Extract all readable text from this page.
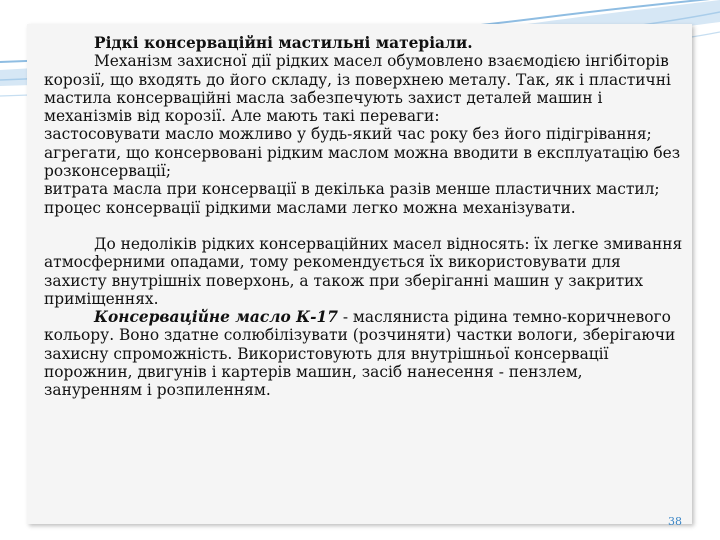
Рідкі консерваційні мастильні матеріали.

Механізм захисної дії рідких масел обумовлено взаємодією інгібіторів корозії, що входять до його складу, із поверхнею металу. Так, як і пластичні мастила консерваційні масла забезпечують захист деталей машин і механізмів від корозії. Але мають такі переваги:

застосовувати масло можливо у будь-який час року без його підігрівання;

агрегати, що консервовані рідким маслом можна вводити в експлуатацію без розконсервації;

витрата масла при консервації в декілька разів менше пластичних мастил;

процес консервації рідкими маслами легко можна механізувати.

До недоліків рідких консерваційних масел відносять: їх легке змивання атмосферними опадами, тому рекомендується їх використовувати для захисту внутрішніх поверхонь, а також при зберіганні машин у закритих приміщеннях.

Консерваційне масло К-17 - масляниста рідина темно-коричневого кольору. Воно здатне солюбілізувати (розчиняти) частки вологи, зберігаючи захисну спроможність. Використовують для внутрішньої консервації порожнин, двигунів і картерів машин, засіб нанесення - пензлем, зануренням і розпиленням.

38
